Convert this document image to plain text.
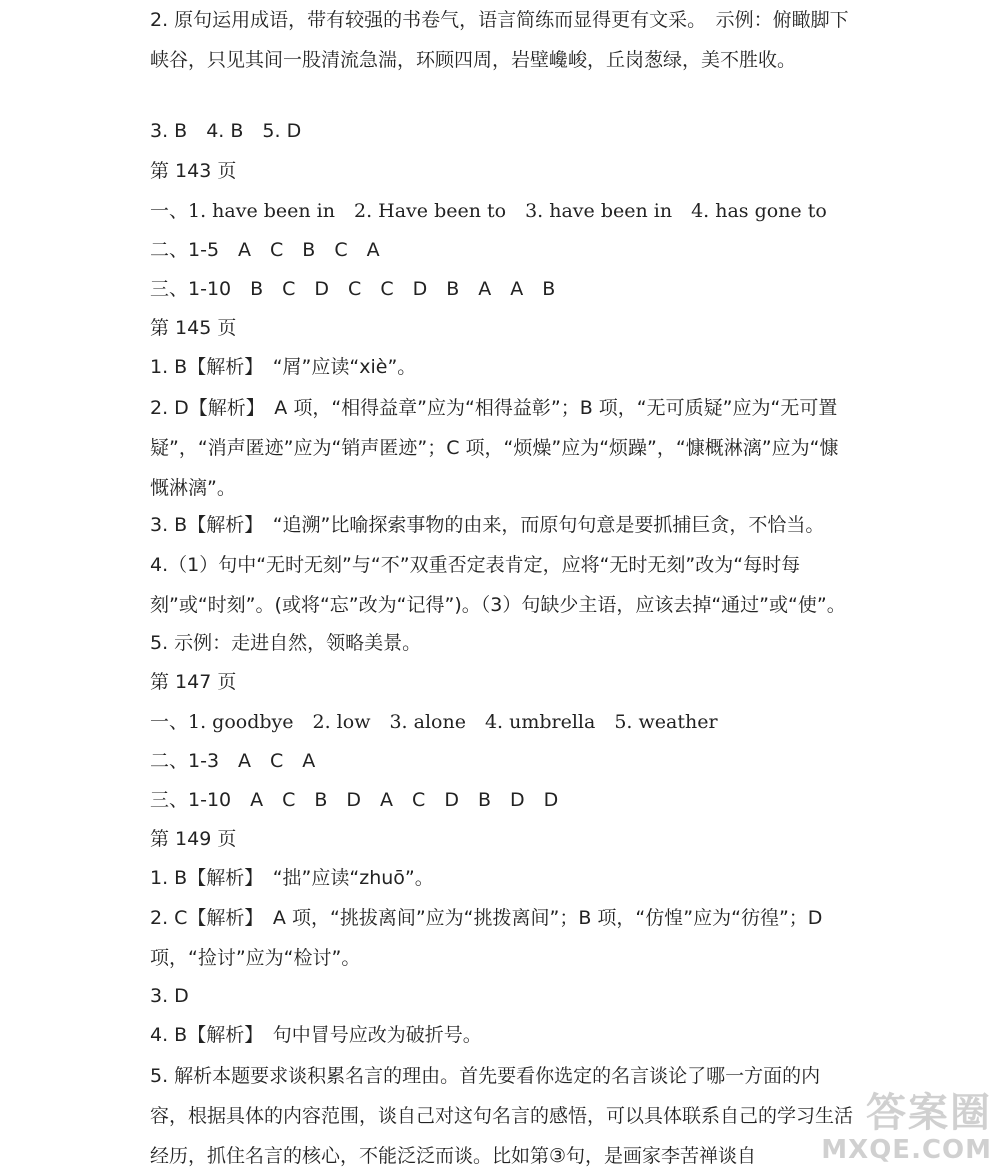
2. 原句运用成语，带有较强的书卷气，语言简练而显得更有文采。　示例：俯瞰脚下峡谷，只见其间一股清流急湍，环顾四周，岩壁巉峻，丘岗葱绿，美不胜收。

3. B　4. B　5. D

第 143 页

一、1. have been in　2. Have been to　3. have been in　4. has gone to

二、1-5　A　C　B　C　A

三、1-10　B　C　D　C　C　D　B　A　A　B

第 145 页

1. B【解析】　“屑”应读“xiè”。

2. D【解析】　A 项，“相得益章”应为“相得益彰”；B 项，“无可质疑”应为“无可置疑”，“消声匿迹”应为“销声匿迹”；C 项，“烦燥”应为“烦躁”，“慷概淋漓”应为“慷慨淋漓”。

3. B【解析】　“追溯”比喻探索事物的由来，而原句句意是要抓捕巨贪，不恰当。

4.（1）句中“无时无刻”与“不”双重否定表肯定，应将“无时无刻”改为“每时每刻”或“时刻”。(或将“忘”改为“记得”)。（3）句缺少主语，应该去掉“通过”或“使”。

5. 示例：走进自然，领略美景。

第 147 页

一、1. goodbye　2. low　3. alone　4. umbrella　5. weather

二、1-3　A　C　A

三、1-10　A　C　B　D　A　C　D　B　D　D

第 149 页

1. B【解析】　“拙”应读“zhuō”。

2. C【解析】　A 项，“挑拔离间”应为“挑拨离间”；B 项，“仿惶”应为“彷徨”；D 项，“捡讨”应为“检讨”。

3. D

4. B【解析】　句中冒号应改为破折号。

5. 解析本题要求谈积累名言的理由。首先要看你选定的名言谈论了哪一方面的内容，根据具体的内容范围，谈自己对这句名言的感悟，可以具体联系自己的学习生活经历，抓住名言的核心，不能泛泛而谈。比如第③句，是画家李苦禅谈自

答案圈
MXQE.COM
